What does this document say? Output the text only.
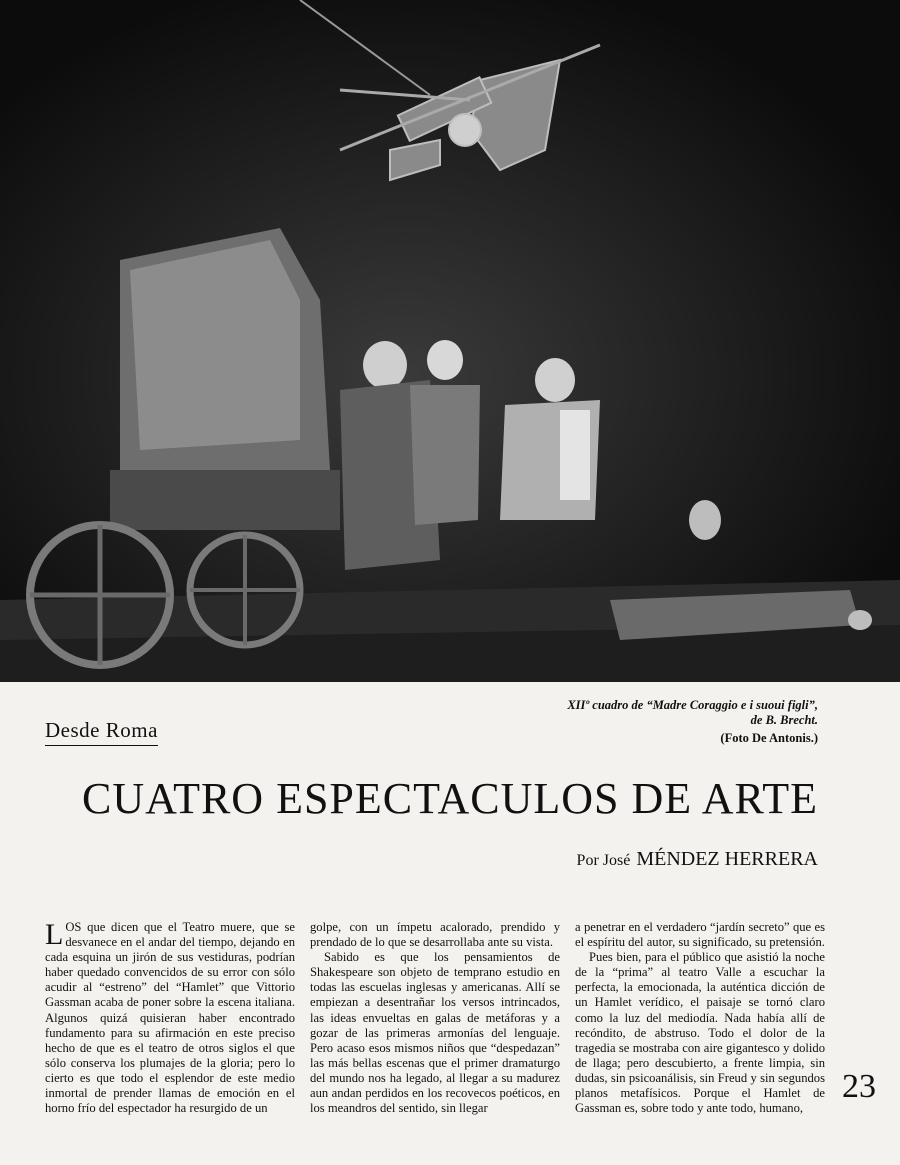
Desde Roma
XIIº cuadro de “Madre Coraggio e i suoui figli”, de B. Brecht.
(Foto De Antonis.)
CUATRO ESPECTACULOS DE ARTE
Por José MÉNDEZ HERRERA

LOS que dicen que el Teatro muere, que se desvanece en el andar del tiempo, dejando en cada esquina un jirón de sus vestiduras, podrían haber quedado convencidos de su error con sólo acudir al “estreno” del “Hamlet” que Vittorio Gassman acaba de poner sobre la escena italiana. Algunos quizá quisieran haber encontrado fundamento para su afirmación en este preciso hecho de que es el teatro de otros siglos el que sólo conserva los plumajes de la gloria; pero lo cierto es que todo el esplendor de este medio inmortal de prender llamas de emoción en el horno frío del espectador ha resurgido de un

golpe, con un ímpetu acalorado, prendido y prendado de lo que se desarrollaba ante su vista.

Sabido es que los pensamientos de Shakespeare son objeto de temprano estudio en todas las escuelas inglesas y americanas. Allí se empiezan a desentrañar los versos intrincados, las ideas envueltas en galas de metáforas y a gozar de las primeras armonías del lenguaje. Pero acaso esos mismos niños que “despedazan” las más bellas escenas que el primer dramaturgo del mundo nos ha legado, al llegar a su madurez aun andan perdidos en los recovecos poéticos, en los meandros del sentido, sin llegar

a penetrar en el verdadero “jardín secreto” que es el espíritu del autor, su significado, su pretensión.

Pues bien, para el público que asistió la noche de la “prima” al teatro Valle a escuchar la perfecta, la emocionada, la auténtica dicción de un Hamlet verídico, el paisaje se tornó claro como la luz del mediodía. Nada había allí de recóndito, de abstruso. Todo el dolor de la tragedia se mostraba con aire gigantesco y dolido de llaga; pero descubierto, a frente limpia, sin dudas, sin psicoanálisis, sin Freud y sin segundos planos metafísicos. Porque el Hamlet de Gassman es, sobre todo y ante todo, humano,

23
